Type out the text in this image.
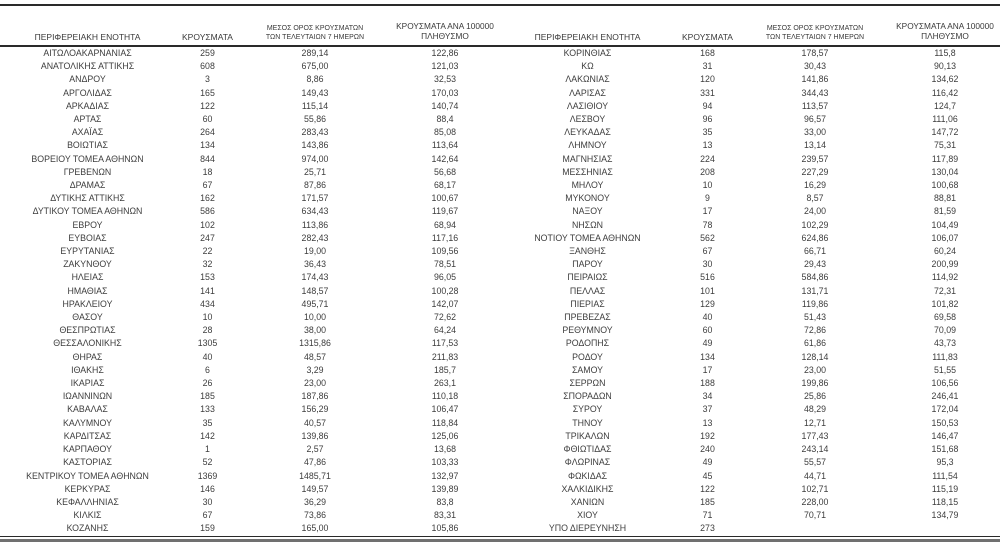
ΠΕΡΙΦΕΡΕΙΑΚΗ ΕΝΟΤΗΤΑ	ΚΡΟΥΣΜΑΤΑ	ΜΕΣΟΣ ΟΡΟΣ ΚΡΟΥΣΜΑΤΩΝ
ΤΩΝ ΤΕΛΕΥΤΑΙΩΝ 7 ΗΜΕΡΩΝ	ΚΡΟΥΣΜΑΤΑ ΑΝΑ 100000
ΠΛΗΘΥΣΜΟ

ΑΙΤΩΛΟΑΚΑΡΝΑΝΙΑΣ	259	289,14	122,86
ΑΝΑΤΟΛΙΚΗΣ ΑΤΤΙΚΗΣ	608	675,00	121,03
ΑΝΔΡΟΥ	3	8,86	32,53
ΑΡΓΟΛΙΔΑΣ	165	149,43	170,03
ΑΡΚΑΔΙΑΣ	122	115,14	140,74
ΑΡΤΑΣ	60	55,86	88,4
ΑΧΑΪΑΣ	264	283,43	85,08
ΒΟΙΩΤΙΑΣ	134	143,86	113,64
ΒΟΡΕΙΟΥ ΤΟΜΕΑ ΑΘΗΝΩΝ	844	974,00	142,64
ΓΡΕΒΕΝΩΝ	18	25,71	56,68
ΔΡΑΜΑΣ	67	87,86	68,17
ΔΥΤΙΚΗΣ ΑΤΤΙΚΗΣ	162	171,57	100,67
ΔΥΤΙΚΟΥ ΤΟΜΕΑ ΑΘΗΝΩΝ	586	634,43	119,67
ΕΒΡΟΥ	102	113,86	68,94
ΕΥΒΟΙΑΣ	247	282,43	117,16
ΕΥΡΥΤΑΝΙΑΣ	22	19,00	109,56
ΖΑΚΥΝΘΟΥ	32	36,43	78,51
ΗΛΕΙΑΣ	153	174,43	96,05
ΗΜΑΘΙΑΣ	141	148,57	100,28
ΗΡΑΚΛΕΙΟΥ	434	495,71	142,07
ΘΑΣΟΥ	10	10,00	72,62
ΘΕΣΠΡΩΤΙΑΣ	28	38,00	64,24
ΘΕΣΣΑΛΟΝΙΚΗΣ	1305	1315,86	117,53
ΘΗΡΑΣ	40	48,57	211,83
ΙΘΑΚΗΣ	6	3,29	185,7
ΙΚΑΡΙΑΣ	26	23,00	263,1
ΙΩΑΝΝΙΝΩΝ	185	187,86	110,18
ΚΑΒΑΛΑΣ	133	156,29	106,47
ΚΑΛΥΜΝΟΥ	35	40,57	118,84
ΚΑΡΔΙΤΣΑΣ	142	139,86	125,06
ΚΑΡΠΑΘΟΥ	1	2,57	13,68
ΚΑΣΤΟΡΙΑΣ	52	47,86	103,33
ΚΕΝΤΡΙΚΟΥ ΤΟΜΕΑ ΑΘΗΝΩΝ	1369	1485,71	132,97
ΚΕΡΚΥΡΑΣ	146	149,57	139,89
ΚΕΦΑΛΛΗΝΙΑΣ	30	36,29	83,8
ΚΙΛΚΙΣ	67	73,86	83,31
ΚΟΖΑΝΗΣ	159	165,00	105,86
ΠΕΡΙΦΕΡΕΙΑΚΗ ΕΝΟΤΗΤΑ	ΚΡΟΥΣΜΑΤΑ	ΜΕΣΟΣ ΟΡΟΣ ΚΡΟΥΣΜΑΤΩΝ
ΤΩΝ ΤΕΛΕΥΤΑΙΩΝ 7 ΗΜΕΡΩΝ	ΚΡΟΥΣΜΑΤΑ ΑΝΑ 100000
ΠΛΗΘΥΣΜΟ

ΚΟΡΙΝΘΙΑΣ	168	178,57	115,8
ΚΩ	31	30,43	90,13
ΛΑΚΩΝΙΑΣ	120	141,86	134,62
ΛΑΡΙΣΑΣ	331	344,43	116,42
ΛΑΣΙΘΙΟΥ	94	113,57	124,7
ΛΕΣΒΟΥ	96	96,57	111,06
ΛΕΥΚΑΔΑΣ	35	33,00	147,72
ΛΗΜΝΟΥ	13	13,14	75,31
ΜΑΓΝΗΣΙΑΣ	224	239,57	117,89
ΜΕΣΣΗΝΙΑΣ	208	227,29	130,04
ΜΗΛΟΥ	10	16,29	100,68
ΜΥΚΟΝΟΥ	9	8,57	88,81
ΝΑΞΟΥ	17	24,00	81,59
ΝΗΣΩΝ	78	102,29	104,49
ΝΟΤΙΟΥ ΤΟΜΕΑ ΑΘΗΝΩΝ	562	624,86	106,07
ΞΑΝΘΗΣ	67	66,71	60,24
ΠΑΡΟΥ	30	29,43	200,99
ΠΕΙΡΑΙΩΣ	516	584,86	114,92
ΠΕΛΛΑΣ	101	131,71	72,31
ΠΙΕΡΙΑΣ	129	119,86	101,82
ΠΡΕΒΕΖΑΣ	40	51,43	69,58
ΡΕΘΥΜΝΟΥ	60	72,86	70,09
ΡΟΔΟΠΗΣ	49	61,86	43,73
ΡΟΔΟΥ	134	128,14	111,83
ΣΑΜΟΥ	17	23,00	51,55
ΣΕΡΡΩΝ	188	199,86	106,56
ΣΠΟΡΑΔΩΝ	34	25,86	246,41
ΣΥΡΟΥ	37	48,29	172,04
ΤΗΝΟΥ	13	12,71	150,53
ΤΡΙΚΑΛΩΝ	192	177,43	146,47
ΦΘΙΩΤΙΔΑΣ	240	243,14	151,68
ΦΛΩΡΙΝΑΣ	49	55,57	95,3
ΦΩΚΙΔΑΣ	45	44,71	111,54
ΧΑΛΚΙΔΙΚΗΣ	122	102,71	115,19
ΧΑΝΙΩΝ	185	228,00	118,15
ΧΙΟΥ	71	70,71	134,79
ΥΠΟ ΔΙΕΡΕΥΝΗΣΗ	273		
